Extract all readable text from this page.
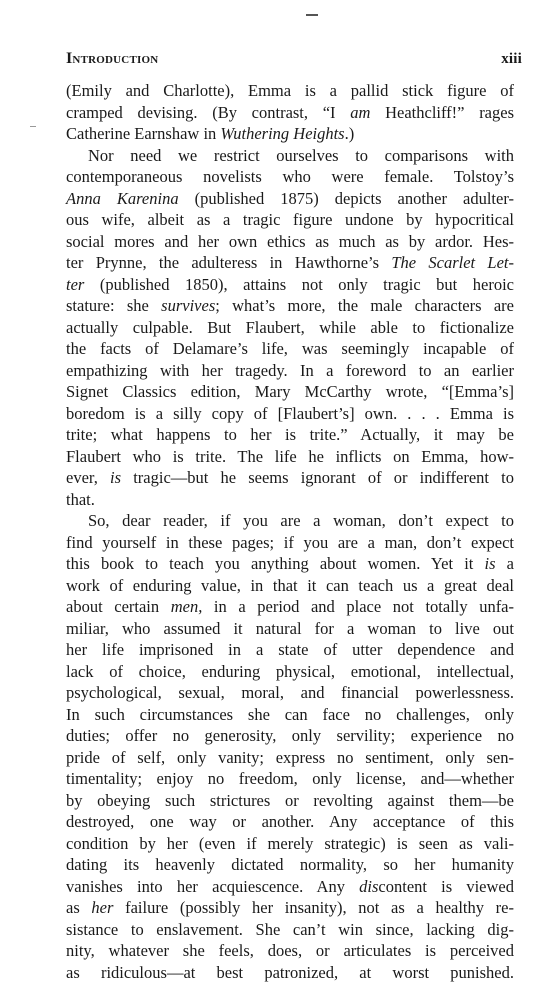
Introduction	xiii
(Emily and Charlotte), Emma is a pallid stick figure of
cramped devising. (By contrast, “I am Heathcliff!” rages
Catherine Earnshaw in Wuthering Heights.)
Nor need we restrict ourselves to comparisons with
contemporaneous novelists who were female. Tolstoy’s
Anna Karenina (published 1875) depicts another adulter-
ous wife, albeit as a tragic figure undone by hypocritical
social mores and her own ethics as much as by ardor. Hes-
ter Prynne, the adulteress in Hawthorne’s The Scarlet Let-
ter (published 1850), attains not only tragic but heroic
stature: she survives; what’s more, the male characters are
actually culpable. But Flaubert, while able to fictionalize
the facts of Delamare’s life, was seemingly incapable of
empathizing with her tragedy. In a foreword to an earlier
Signet Classics edition, Mary McCarthy wrote, “[Emma’s]
boredom is a silly copy of [Flaubert’s] own. . . . Emma is
trite; what happens to her is trite.” Actually, it may be
Flaubert who is trite. The life he inflicts on Emma, how-
ever, is tragic—but he seems ignorant of or indifferent to
that.
So, dear reader, if you are a woman, don’t expect to
find yourself in these pages; if you are a man, don’t expect
this book to teach you anything about women. Yet it is a
work of enduring value, in that it can teach us a great deal
about certain men, in a period and place not totally unfa-
miliar, who assumed it natural for a woman to live out
her life imprisoned in a state of utter dependence and
lack of choice, enduring physical, emotional, intellectual,
psychological, sexual, moral, and financial powerlessness.
In such circumstances she can face no challenges, only
duties; offer no generosity, only servility; experience no
pride of self, only vanity; express no sentiment, only sen-
timentality; enjoy no freedom, only license, and—whether
by obeying such strictures or revolting against them—be
destroyed, one way or another. Any acceptance of this
condition by her (even if merely strategic) is seen as vali-
dating its heavenly dictated normality, so her humanity
vanishes into her acquiescence. Any discontent is viewed
as her failure (possibly her insanity), not as a healthy re-
sistance to enslavement. She can’t win since, lacking dig-
nity, whatever she feels, does, or articulates is perceived
as ridiculous—at best patronized, at worst punished.
